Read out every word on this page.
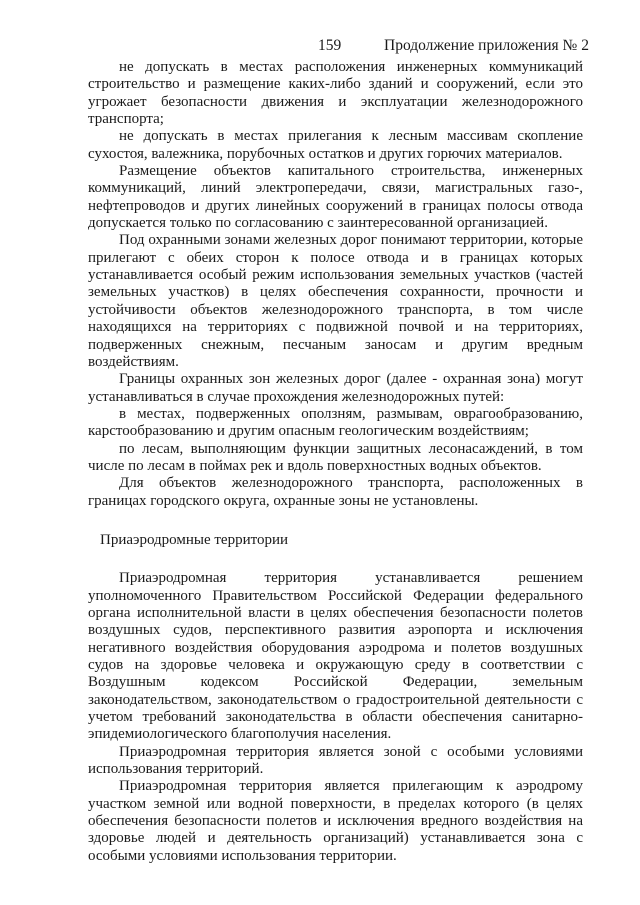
159	Продолжение приложения № 2

не допускать в местах расположения инженерных коммуникаций строительство и размещение каких-либо зданий и сооружений, если это угрожает безопасности движения и эксплуатации железнодорожного транспорта;

не допускать в местах прилегания к лесным массивам скопление сухостоя, валежника, порубочных остатков и других горючих материалов.

Размещение объектов капитального строительства, инженерных коммуникаций, линий электропередачи, связи, магистральных газо-, нефтепроводов и других линейных сооружений в границах полосы отвода допускается только по согласованию с заинтересованной организацией.

Под охранными зонами железных дорог понимают территории, которые прилегают с обеих сторон к полосе отвода и в границах которых устанавливается особый режим использования земельных участков (частей земельных участков) в целях обеспечения сохранности, прочности и устойчивости объектов железнодорожного транспорта, в том числе находящихся на территориях с подвижной почвой и на территориях, подверженных снежным, песчаным заносам и другим вредным воздействиям.

Границы охранных зон железных дорог (далее - охранная зона) могут устанавливаться в случае прохождения железнодорожных путей:

в местах, подверженных оползням, размывам, оврагообразованию, карстообразованию и другим опасным геологическим воздействиям;

по лесам, выполняющим функции защитных лесонасаждений, в том числе по лесам в поймах рек и вдоль поверхностных водных объектов.

Для объектов железнодорожного транспорта, расположенных в границах городского округа, охранные зоны не установлены.

Приаэродромные территории

Приаэродромная территория устанавливается решением уполномоченного Правительством Российской Федерации федерального органа исполнительной власти в целях обеспечения безопасности полетов воздушных судов, перспективного развития аэропорта и исключения негативного воздействия оборудования аэродрома и полетов воздушных судов на здоровье человека и окружающую среду в соответствии с Воздушным кодексом Российской Федерации, земельным законодательством, законодательством о градостроительной деятельности с учетом требований законодательства в области обеспечения санитарно-эпидемиологического благополучия населения.

Приаэродромная территория является зоной с особыми условиями использования территорий.

Приаэродромная территория является прилегающим к аэродрому участком земной или водной поверхности, в пределах которого (в целях обеспечения безопасности полетов и исключения вредного воздействия на здоровье людей и деятельность организаций) устанавливается зона с особыми условиями использования территории.
